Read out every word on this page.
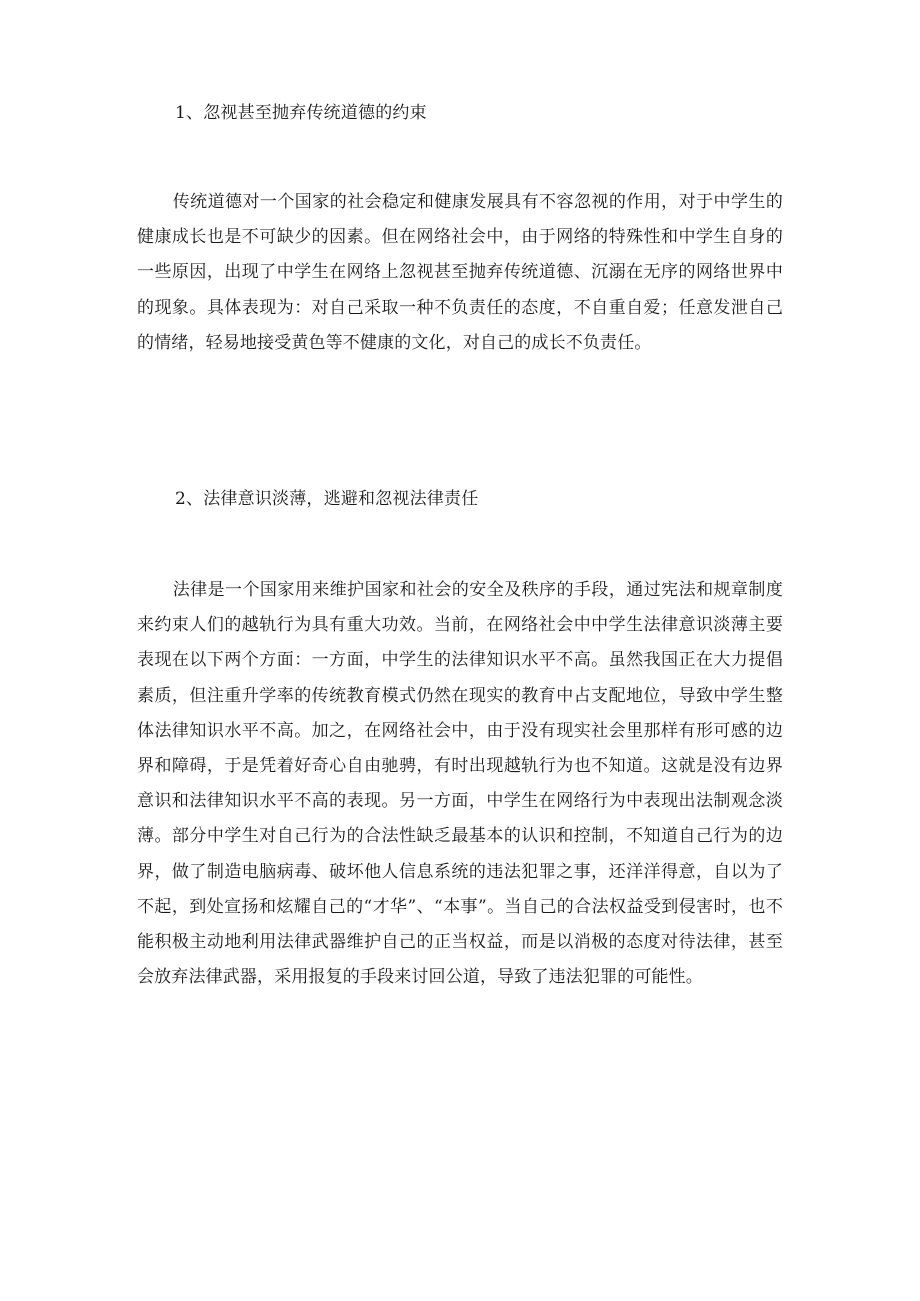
1、忽视甚至抛弃传统道德的约束

传统道德对一个国家的社会稳定和健康发展具有不容忽视的作用，对于中学生的健康成长也是不可缺少的因素。但在网络社会中，由于网络的特殊性和中学生自身的一些原因，出现了中学生在网络上忽视甚至抛弃传统道德、沉溺在无序的网络世界中的现象。具体表现为：对自己采取一种不负责任的态度，不自重自爱；任意发泄自己的情绪，轻易地接受黄色等不健康的文化，对自己的成长不负责任。

2、法律意识淡薄，逃避和忽视法律责任

法律是一个国家用来维护国家和社会的安全及秩序的手段，通过宪法和规章制度来约束人们的越轨行为具有重大功效。当前，在网络社会中中学生法律意识淡薄主要表现在以下两个方面：一方面，中学生的法律知识水平不高。虽然我国正在大力提倡素质，但注重升学率的传统教育模式仍然在现实的教育中占支配地位，导致中学生整体法律知识水平不高。加之，在网络社会中，由于没有现实社会里那样有形可感的边界和障碍，于是凭着好奇心自由驰骋，有时出现越轨行为也不知道。这就是没有边界意识和法律知识水平不高的表现。另一方面，中学生在网络行为中表现出法制观念淡薄。部分中学生对自己行为的合法性缺乏最基本的认识和控制，不知道自己行为的边界，做了制造电脑病毒、破坏他人信息系统的违法犯罪之事，还洋洋得意，自以为了不起，到处宣扬和炫耀自己的“才华”、“本事”。当自己的合法权益受到侵害时，也不能积极主动地利用法律武器维护自己的正当权益，而是以消极的态度对待法律，甚至会放弃法律武器，采用报复的手段来讨回公道，导致了违法犯罪的可能性。
